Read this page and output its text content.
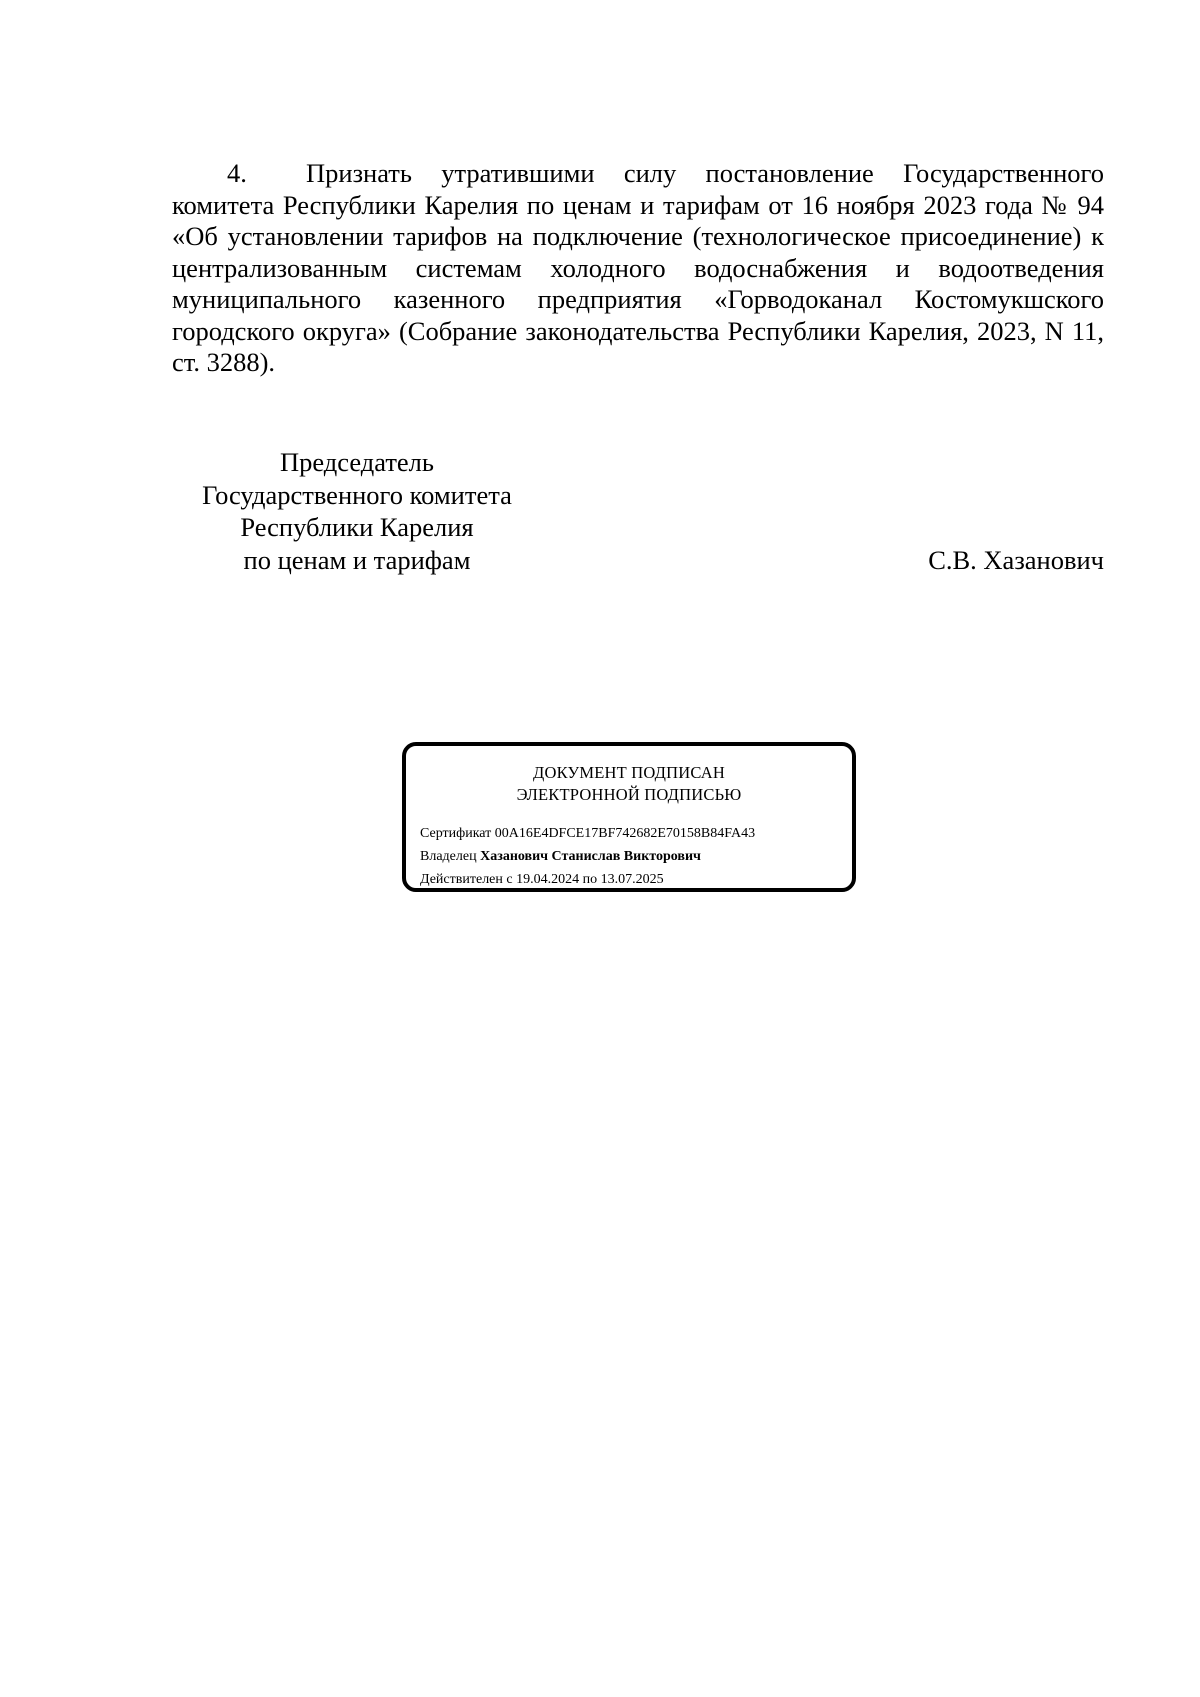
4. Признать утратившими силу постановление Государственного комитета Республики Карелия по ценам и тарифам от 16 ноября 2023 года № 94 «Об установлении тарифов на подключение (технологическое присоединение) к централизованным системам холодного водоснабжения и водоотведения муниципального казенного предприятия «Горводоканал Костомукшского городского округа» (Собрание законодательства Республики Карелия, 2023, N 11, ст. 3288).
Председатель
Государственного комитета
Республики Карелия
по ценам и тарифам	С.В. Хазанович
ДОКУМЕНТ ПОДПИСАН
ЭЛЕКТРОННОЙ ПОДПИСЬЮ
Сертификат 00A16E4DFCE17BF742682E70158B84FA43
Владелец Хазанович Станислав Викторович
Действителен с 19.04.2024 по 13.07.2025
